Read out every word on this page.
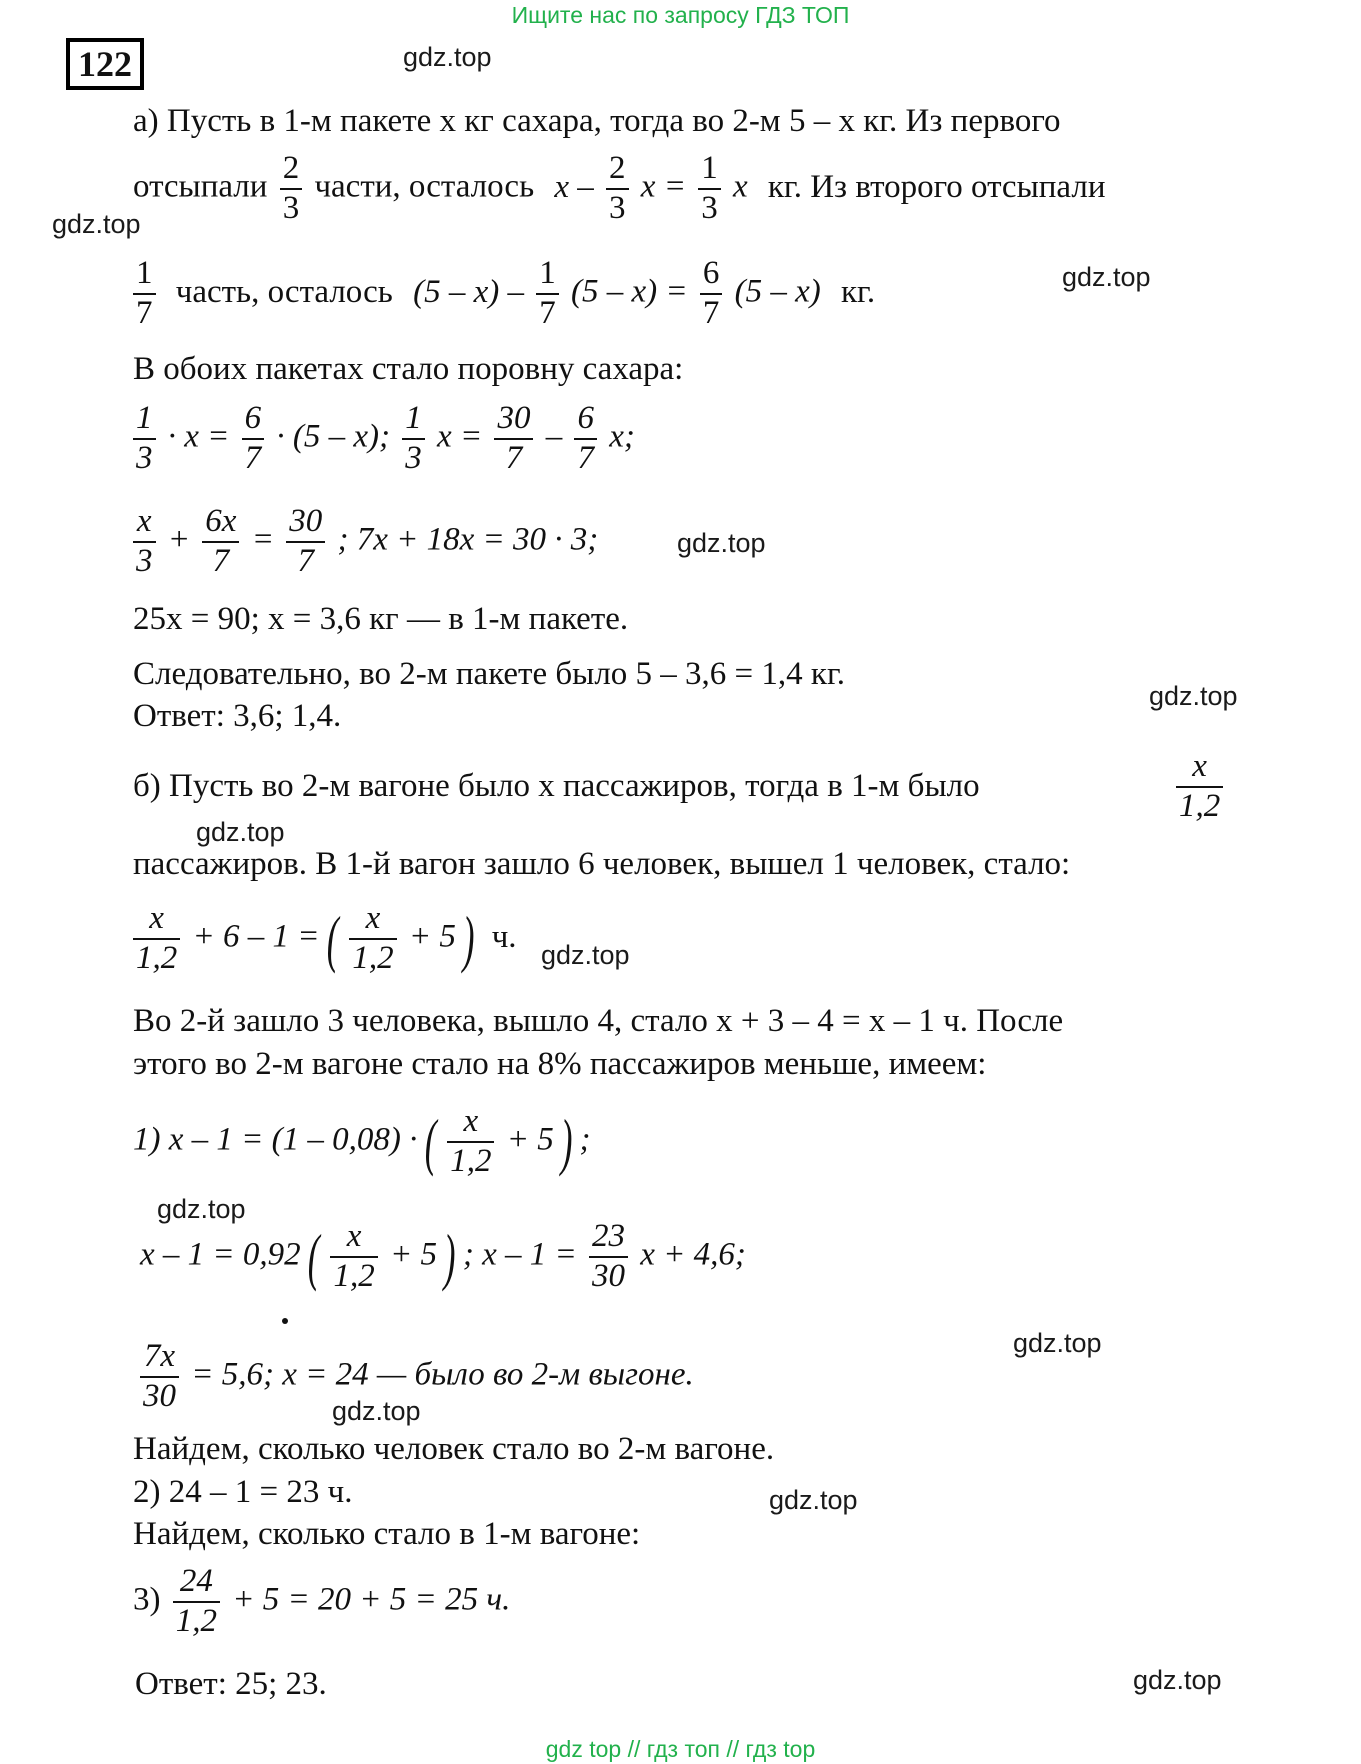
Ищите нас по запросу ГДЗ ТОП
122	gdz.top
gdz.top
gdz.top
gdz.top
gdz.top
gdz.top
gdz.top
gdz.top
gdz.top
gdz.top
gdz.top
gdz.top
а) Пусть в 1-м пакете x кг сахара, тогда во 2-м 5 – x кг. Из первого
отсыпали $\frac{2}{3}$ части, осталось x – $\frac{2}{3}$ $x = \frac{1}{3}$ x кг. Из второго отсыпали
$\frac{1}{7}$ часть, осталось $(5 - x) - \frac{1}{7} (5 - x) = \frac{6}{7} (5 - x)$ кг.
В обоих пакетах стало поровну сахара:
$\frac{1}{3} \cdot x = \frac{6}{7} \cdot (5 - x)$; $\frac{1}{3}$ $x = \frac{30}{7} - \frac{6}{7} x$;
$\frac{x}{3} + \frac{6x}{7} = \frac{30}{7}$ ; 7x + 18x = 30 · 3;
25x = 90; x = 3,6 кг — в 1-м пакете.
Следовательно, во 2-м пакете было 5 – 3,6 = 1,4 кг.
Ответ: 3,6; 1,4.
б) Пусть во 2-м вагоне было x пассажиров, тогда в 1-м было	$\frac{x}{1,2}$
пассажиров. В 1-й вагон зашло 6 человек, вышел 1 человек, стало:
$\frac{x}{1,2} + 6 - 1$ = ( $\frac{x}{1,2} + 5$ ) ч.
Во 2-й зашло 3 человека, вышло 4, стало x + 3 – 4 = x – 1 ч. После
этого во 2-м вагоне стало на 8% пассажиров меньше, имеем:
1) x – 1 = (1 – 0,08) · ( $\frac{x}{1,2} + 5$ ) ;
x – 1 = 0,92 ( $\frac{x}{1,2} + 5$ ) ; $x - 1 = \frac{23}{30}$ x + 4,6;
$\frac{7x}{30} = 5,6$; x = 24 — было во 2-м выгоне.
Найдем, сколько человек стало во 2-м вагоне.
2) 24 – 1 = 23 ч.
Найдем, сколько стало в 1-м вагоне:
$3) \frac{24}{1,2} + 5 = 20 + 5 = 25$ ч.
Ответ: 25; 23.
gdz top // гдз топ // гдз top
